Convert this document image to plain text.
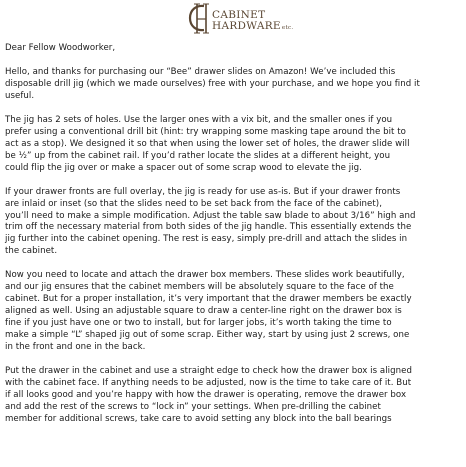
CABINET
HARDWAREetc.

Dear Fellow Woodworker,

Hello, and thanks for purchasing our “Bee” drawer slides on Amazon! We’ve included this
disposable drill jig (which we made ourselves) free with your purchase, and we hope you find it
useful.

The jig has 2 sets of holes. Use the larger ones with a vix bit, and the smaller ones if you
prefer using a conventional drill bit (hint: try wrapping some masking tape around the bit to
act as a stop). We designed it so that when using the lower set of holes, the drawer slide will
be ½” up from the cabinet rail. If you’d rather locate the slides at a different height, you
could flip the jig over or make a spacer out of some scrap wood to elevate the jig.

If your drawer fronts are full overlay, the jig is ready for use as-is. But if your drawer fronts
are inlaid or inset (so that the slides need to be set back from the face of the cabinet),
you’ll need to make a simple modification. Adjust the table saw blade to about 3/16” high and
trim off the necessary material from both sides of the jig handle. This essentially extends the
jig further into the cabinet opening. The rest is easy, simply pre-drill and attach the slides in
the cabinet.

Now you need to locate and attach the drawer box members. These slides work beautifully,
and our jig ensures that the cabinet members will be absolutely square to the face of the
cabinet. But for a proper installation, it’s very important that the drawer members be exactly
aligned as well. Using an adjustable square to draw a center-line right on the drawer box is
fine if you just have one or two to install, but for larger jobs, it’s worth taking the time to
make a simple “L” shaped jig out of some scrap. Either way, start by using just 2 screws, one
in the front and one in the back.

Put the drawer in the cabinet and use a straight edge to check how the drawer box is aligned
with the cabinet face. If anything needs to be adjusted, now is the time to take care of it. But
if all looks good and you’re happy with how the drawer is operating, remove the drawer box
and add the rest of the screws to “lock in” your settings. When pre-drilling the cabinet
member for additional screws, take care to avoid setting any block into the ball bearings
